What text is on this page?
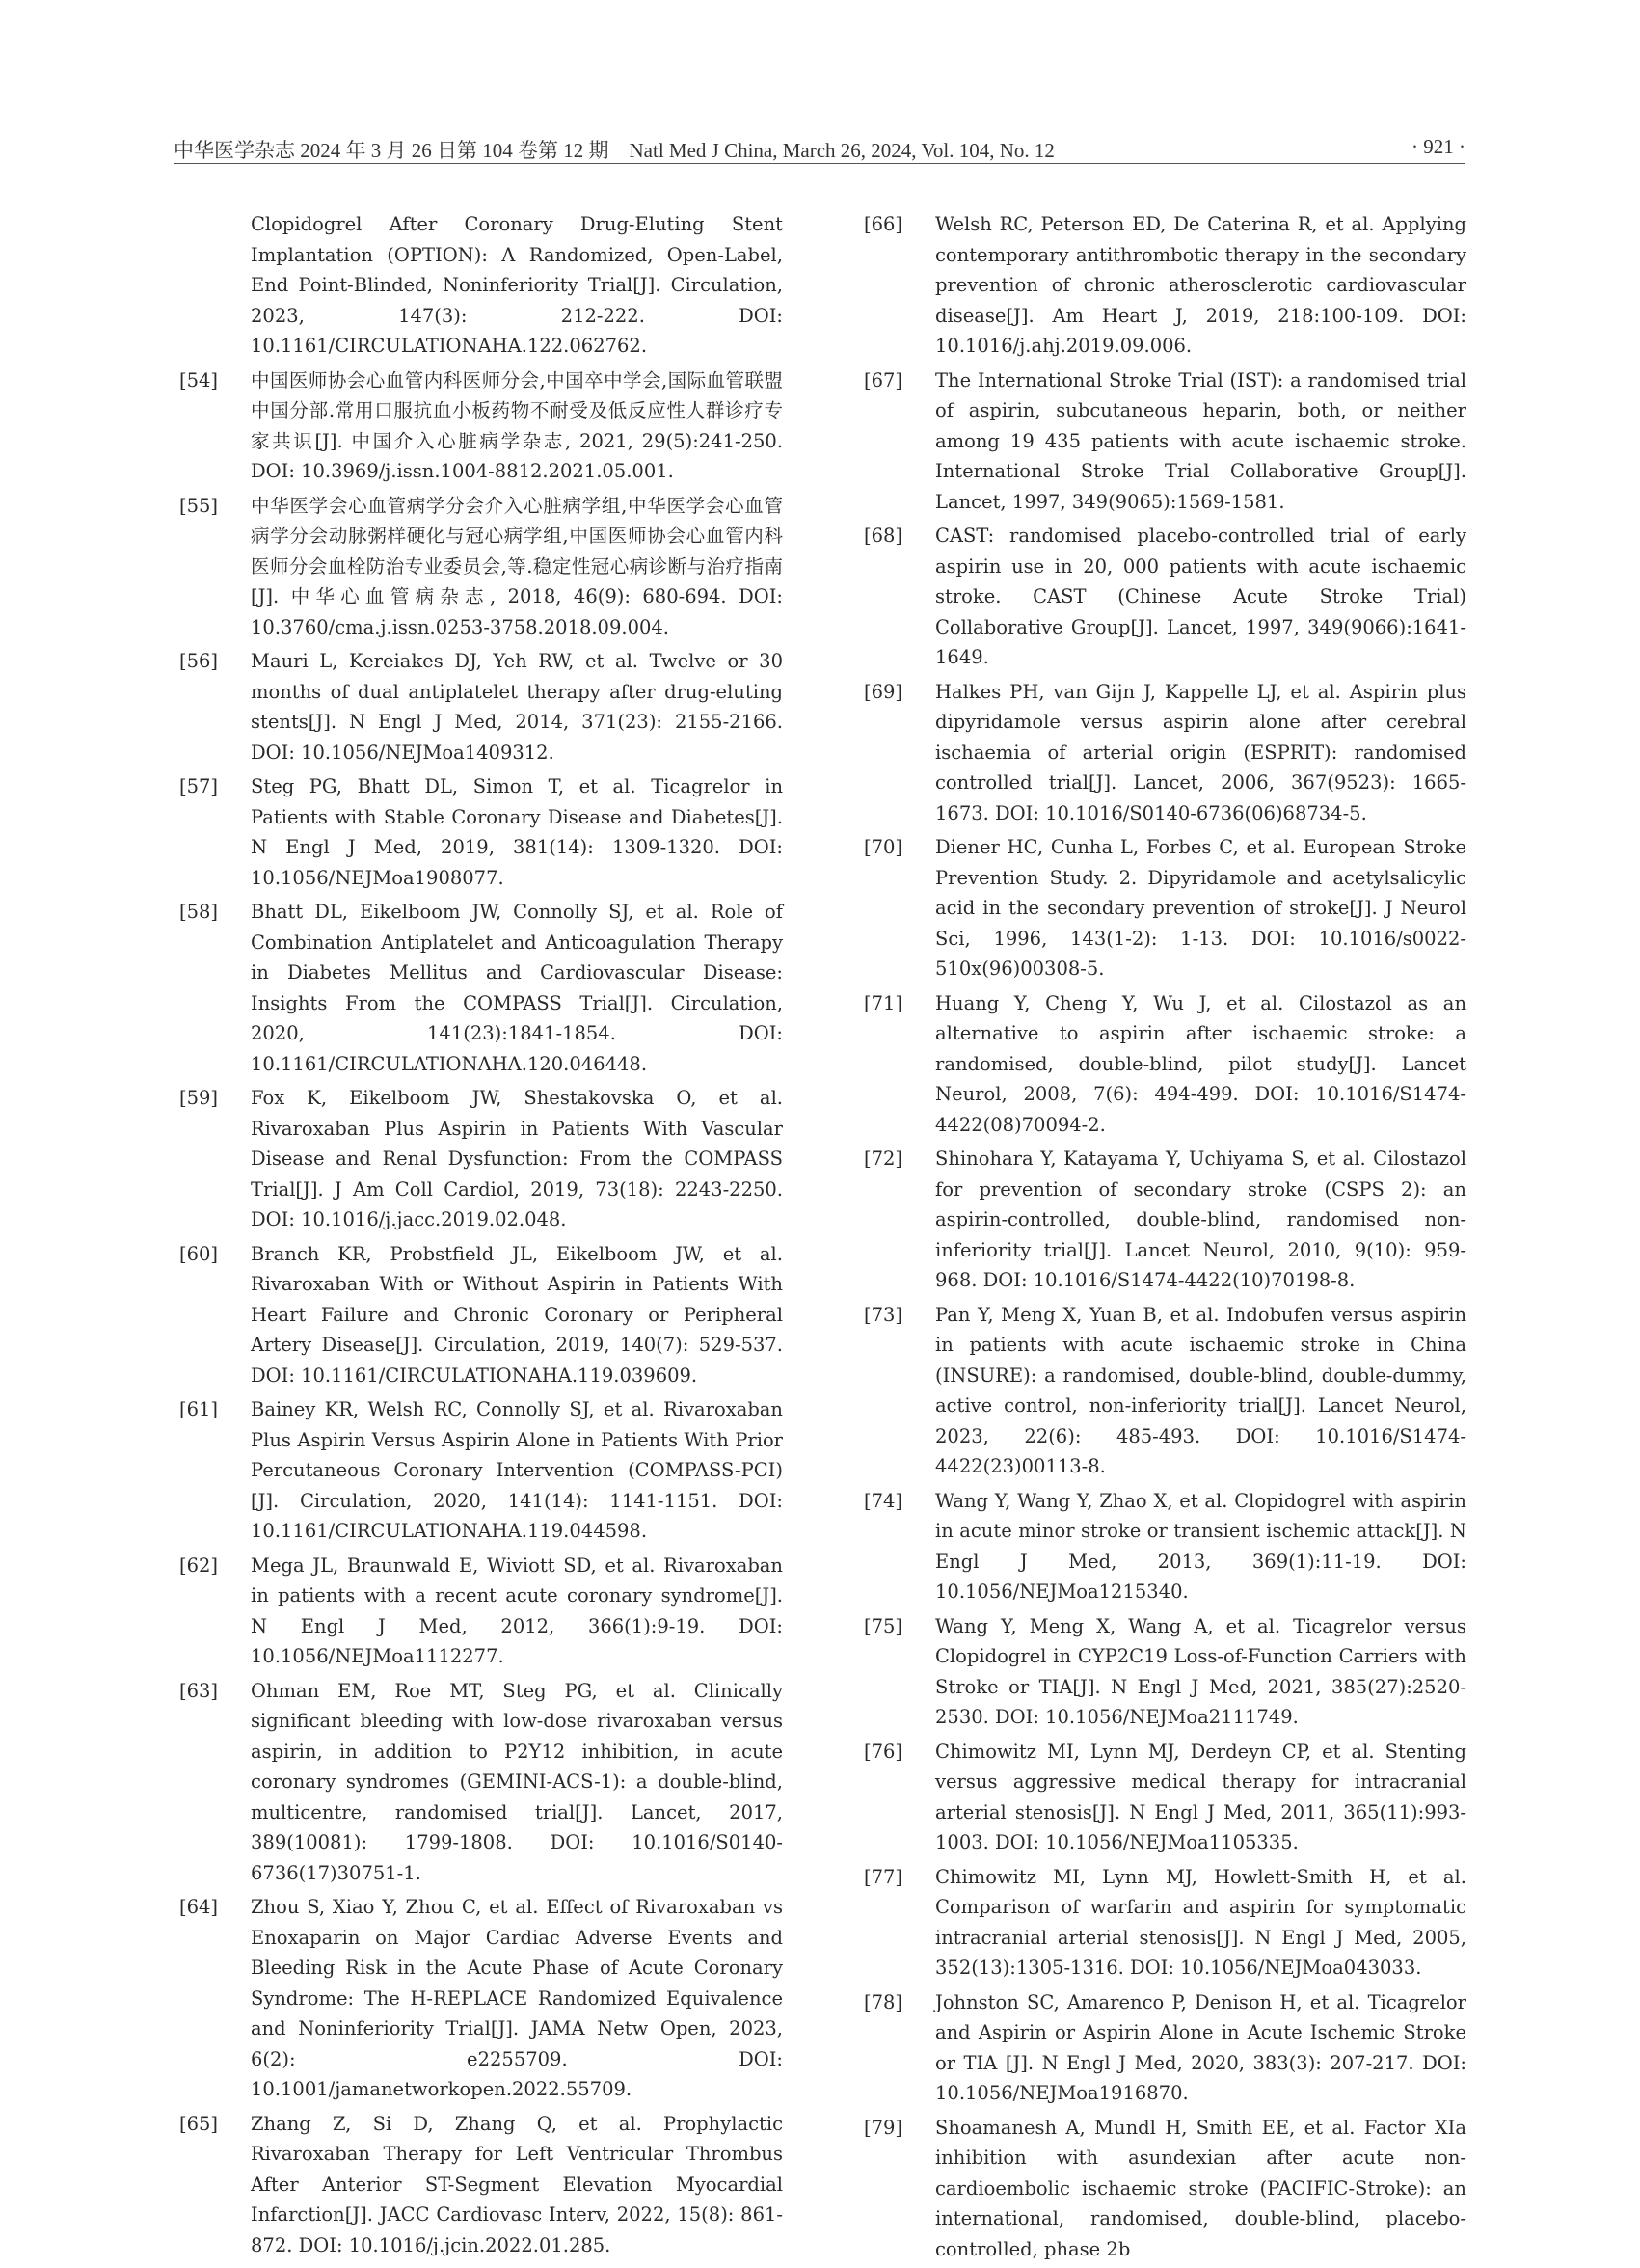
中华医学杂志 2024 年 3 月 26 日第 104 卷第 12 期　Natl Med J China, March 26, 2024, Vol. 104, No. 12	· 921 ·
Clopidogrel After Coronary Drug-Eluting Stent Implantation (OPTION): A Randomized, Open-Label, End Point-Blinded, Noninferiority Trial[J]. Circulation, 2023, 147(3): 212-222. DOI: 10.1161/CIRCULATIONAHA.122.062762.
[54] 中国医师协会心血管内科医师分会,中国卒中学会,国际血管联盟中国分部.常用口服抗血小板药物不耐受及低反应性人群诊疗专家共识[J]. 中国介入心脏病学杂志, 2021, 29(5):241-250. DOI: 10.3969/j.issn.1004-8812.2021.05.001.
[55] 中华医学会心血管病学分会介入心脏病学组,中华医学会心血管病学分会动脉粥样硬化与冠心病学组,中国医师协会心血管内科医师分会血栓防治专业委员会,等.稳定性冠心病诊断与治疗指南[J]. 中华心血管病杂志, 2018, 46(9): 680-694. DOI: 10.3760/cma.j.issn.0253-3758.2018.09.004.
[56] Mauri L, Kereiakes DJ, Yeh RW, et al. Twelve or 30 months of dual antiplatelet therapy after drug-eluting stents[J]. N Engl J Med, 2014, 371(23): 2155-2166. DOI: 10.1056/NEJMoa1409312.
[57] Steg PG, Bhatt DL, Simon T, et al. Ticagrelor in Patients with Stable Coronary Disease and Diabetes[J]. N Engl J Med, 2019, 381(14): 1309-1320. DOI: 10.1056/NEJMoa1908077.
[58] Bhatt DL, Eikelboom JW, Connolly SJ, et al. Role of Combination Antiplatelet and Anticoagulation Therapy in Diabetes Mellitus and Cardiovascular Disease: Insights From the COMPASS Trial[J]. Circulation, 2020, 141(23):1841-1854. DOI: 10.1161/CIRCULATIONAHA.120.046448.
[59] Fox K, Eikelboom JW, Shestakovska O, et al. Rivaroxaban Plus Aspirin in Patients With Vascular Disease and Renal Dysfunction: From the COMPASS Trial[J]. J Am Coll Cardiol, 2019, 73(18): 2243-2250. DOI: 10.1016/j.jacc.2019.02.048.
[60] Branch KR, Probstfield JL, Eikelboom JW, et al. Rivaroxaban With or Without Aspirin in Patients With Heart Failure and Chronic Coronary or Peripheral Artery Disease[J]. Circulation, 2019, 140(7): 529-537. DOI: 10.1161/CIRCULATIONAHA.119.039609.
[61] Bainey KR, Welsh RC, Connolly SJ, et al. Rivaroxaban Plus Aspirin Versus Aspirin Alone in Patients With Prior Percutaneous Coronary Intervention (COMPASS-PCI) [J]. Circulation, 2020, 141(14): 1141-1151. DOI: 10.1161/CIRCULATIONAHA.119.044598.
[62] Mega JL, Braunwald E, Wiviott SD, et al. Rivaroxaban in patients with a recent acute coronary syndrome[J]. N Engl J Med, 2012, 366(1):9-19. DOI: 10.1056/NEJMoa1112277.
[63] Ohman EM, Roe MT, Steg PG, et al. Clinically significant bleeding with low-dose rivaroxaban versus aspirin, in addition to P2Y12 inhibition, in acute coronary syndromes (GEMINI-ACS-1): a double-blind, multicentre, randomised trial[J]. Lancet, 2017, 389(10081): 1799-1808. DOI: 10.1016/S0140-6736(17)30751-1.
[64] Zhou S, Xiao Y, Zhou C, et al. Effect of Rivaroxaban vs Enoxaparin on Major Cardiac Adverse Events and Bleeding Risk in the Acute Phase of Acute Coronary Syndrome: The H-REPLACE Randomized Equivalence and Noninferiority Trial[J]. JAMA Netw Open, 2023, 6(2): e2255709. DOI: 10.1001/jamanetworkopen.2022.55709.
[65] Zhang Z, Si D, Zhang Q, et al. Prophylactic Rivaroxaban Therapy for Left Ventricular Thrombus After Anterior ST-Segment Elevation Myocardial Infarction[J]. JACC Cardiovasc Interv, 2022, 15(8): 861-872. DOI: 10.1016/j.jcin.2022.01.285.
[66] Welsh RC, Peterson ED, De Caterina R, et al. Applying contemporary antithrombotic therapy in the secondary prevention of chronic atherosclerotic cardiovascular disease[J]. Am Heart J, 2019, 218:100-109. DOI: 10.1016/j.ahj.2019.09.006.
[67] The International Stroke Trial (IST): a randomised trial of aspirin, subcutaneous heparin, both, or neither among 19 435 patients with acute ischaemic stroke. International Stroke Trial Collaborative Group[J]. Lancet, 1997, 349(9065):1569-1581.
[68] CAST: randomised placebo-controlled trial of early aspirin use in 20, 000 patients with acute ischaemic stroke. CAST (Chinese Acute Stroke Trial) Collaborative Group[J]. Lancet, 1997, 349(9066):1641-1649.
[69] Halkes PH, van Gijn J, Kappelle LJ, et al. Aspirin plus dipyridamole versus aspirin alone after cerebral ischaemia of arterial origin (ESPRIT): randomised controlled trial[J]. Lancet, 2006, 367(9523): 1665-1673. DOI: 10.1016/S0140-6736(06)68734-5.
[70] Diener HC, Cunha L, Forbes C, et al. European Stroke Prevention Study. 2. Dipyridamole and acetylsalicylic acid in the secondary prevention of stroke[J]. J Neurol Sci, 1996, 143(1-2): 1-13. DOI: 10.1016/s0022-510x(96)00308-5.
[71] Huang Y, Cheng Y, Wu J, et al. Cilostazol as an alternative to aspirin after ischaemic stroke: a randomised, double-blind, pilot study[J]. Lancet Neurol, 2008, 7(6): 494-499. DOI: 10.1016/S1474-4422(08)70094-2.
[72] Shinohara Y, Katayama Y, Uchiyama S, et al. Cilostazol for prevention of secondary stroke (CSPS 2): an aspirin-controlled, double-blind, randomised non-inferiority trial[J]. Lancet Neurol, 2010, 9(10): 959-968. DOI: 10.1016/S1474-4422(10)70198-8.
[73] Pan Y, Meng X, Yuan B, et al. Indobufen versus aspirin in patients with acute ischaemic stroke in China (INSURE): a randomised, double-blind, double-dummy, active control, non-inferiority trial[J]. Lancet Neurol, 2023, 22(6): 485-493. DOI: 10.1016/S1474-4422(23)00113-8.
[74] Wang Y, Wang Y, Zhao X, et al. Clopidogrel with aspirin in acute minor stroke or transient ischemic attack[J]. N Engl J Med, 2013, 369(1):11-19. DOI: 10.1056/NEJMoa1215340.
[75] Wang Y, Meng X, Wang A, et al. Ticagrelor versus Clopidogrel in CYP2C19 Loss-of-Function Carriers with Stroke or TIA[J]. N Engl J Med, 2021, 385(27):2520-2530. DOI: 10.1056/NEJMoa2111749.
[76] Chimowitz MI, Lynn MJ, Derdeyn CP, et al. Stenting versus aggressive medical therapy for intracranial arterial stenosis[J]. N Engl J Med, 2011, 365(11):993-1003. DOI: 10.1056/NEJMoa1105335.
[77] Chimowitz MI, Lynn MJ, Howlett-Smith H, et al. Comparison of warfarin and aspirin for symptomatic intracranial arterial stenosis[J]. N Engl J Med, 2005, 352(13):1305-1316. DOI: 10.1056/NEJMoa043033.
[78] Johnston SC, Amarenco P, Denison H, et al. Ticagrelor and Aspirin or Aspirin Alone in Acute Ischemic Stroke or TIA [J]. N Engl J Med, 2020, 383(3): 207-217. DOI: 10.1056/NEJMoa1916870.
[79] Shoamanesh A, Mundl H, Smith EE, et al. Factor XIa inhibition with asundexian after acute non-cardioembolic ischaemic stroke (PACIFIC-Stroke): an international, randomised, double-blind, placebo-controlled, phase 2b
